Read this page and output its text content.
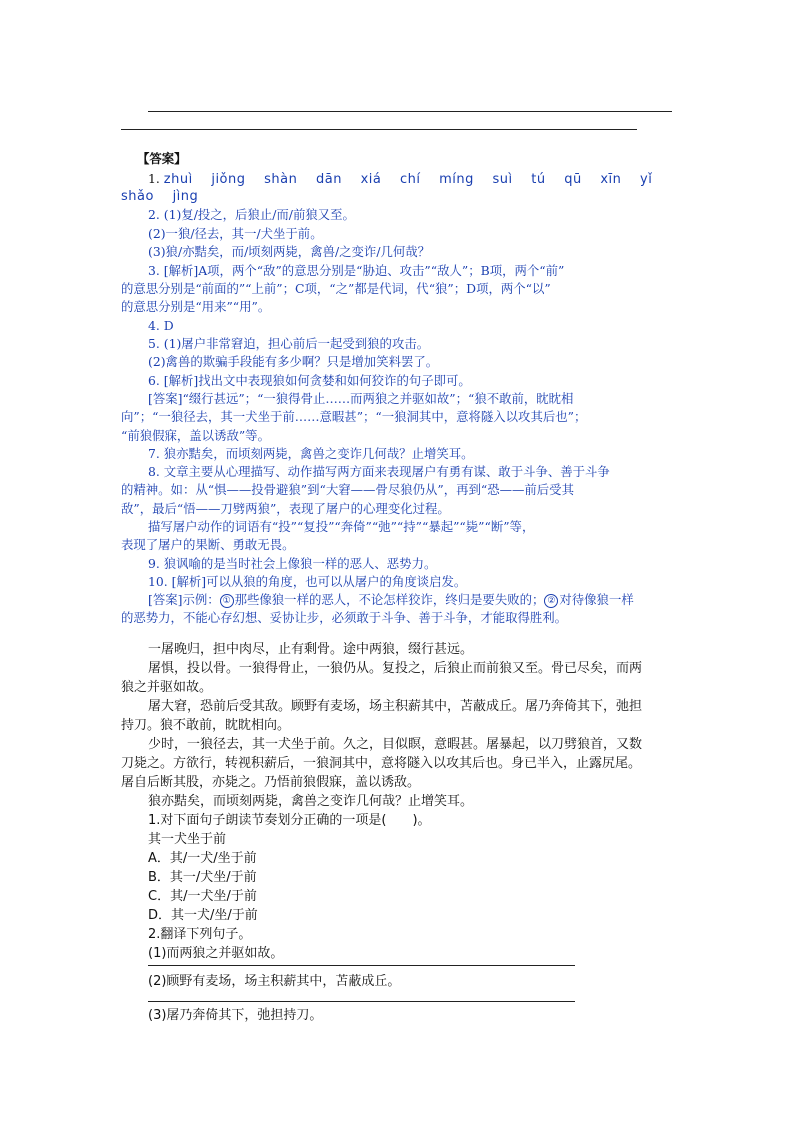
【答案】
1. zhuì jiǒng shàn dān xiá chí míng suì tú qū xīn yǐ
shǎo jìng
2. (1)复/投之，后狼止/而/前狼又至。
(2)一狼/径去，其一/犬坐于前。
(3)狼/亦黠矣，而/顷刻两毙，禽兽/之变诈/几何哉？
3. [解析]A项，两个“敌”的意思分别是“胁迫、攻击”“敌人”；B项，两个“前”
的意思分别是“前面的”“上前”；C项，“之”都是代词，代“狼”；D项，两个“以”
的意思分别是“用来”“用”。
4. D
5. (1)屠户非常窘迫，担心前后一起受到狼的攻击。
(2)禽兽的欺骗手段能有多少啊？只是增加笑料罢了。
6. [解析]找出文中表现狼如何贪婪和如何狡诈的句子即可。
[答案]“缀行甚远”；“一狼得骨止……而两狼之并驱如故”；“狼不敢前，眈眈相
向”；“一狼径去，其一犬坐于前……意暇甚”；“一狼洞其中，意将隧入以攻其后也”；
“前狼假寐，盖以诱敌”等。
7. 狼亦黠矣，而顷刻两毙，禽兽之变诈几何哉？止增笑耳。
8. 文章主要从心理描写、动作描写两方面来表现屠户有勇有谋、敢于斗争、善于斗争
的精神。如：从“惧——投骨避狼”到“大窘——骨尽狼仍从”，再到“恐——前后受其
敌”，最后“悟——刀劈两狼”，表现了屠户的心理变化过程。
描写屠户动作的词语有“投”“复投”“奔倚”“弛”“持”“暴起”“毙”“断”等，
表现了屠户的果断、勇敢无畏。
9. 狼讽喻的是当时社会上像狼一样的恶人、恶势力。
10. [解析]可以从狼的角度，也可以从屠户的角度谈启发。
[答案]示例： ① 那些像狼一样的恶人，不论怎样狡诈，终归是要失败的； ② 对待像狼一样
的恶势力，不能心存幻想、妥协让步，必须敢于斗争、善于斗争，才能取得胜利。
一屠晚归，担中肉尽，止有剩骨。途中两狼，缀行甚远。
屠惧，投以骨。一狼得骨止，一狼仍从。复投之，后狼止而前狼又至。骨已尽矣，而两
狼之并驱如故。
屠大窘，恐前后受其敌。顾野有麦场，场主积薪其中，苫蔽成丘。屠乃奔倚其下，弛担
持刀。狼不敢前，眈眈相向。
少时，一狼径去，其一犬坐于前。久之，目似瞑，意暇甚。屠暴起，以刀劈狼首，又数
刀毙之。方欲行，转视积薪后，一狼洞其中，意将隧入以攻其后也。身已半入，止露尻尾。
屠自后断其股，亦毙之。乃悟前狼假寐，盖以诱敌。
狼亦黠矣，而顷刻两毙，禽兽之变诈几何哉？止增笑耳。
1.对下面句子朗读节奏划分正确的一项是(　　)。
其一犬坐于前
A．其/一犬/坐于前
B．其一/犬坐/于前
C．其/一犬坐/于前
D．其一犬/坐/于前
2.翻译下列句子。
(1)而两狼之并驱如故。
(2)顾野有麦场，场主积薪其中，苫蔽成丘。
(3)屠乃奔倚其下，弛担持刀。
